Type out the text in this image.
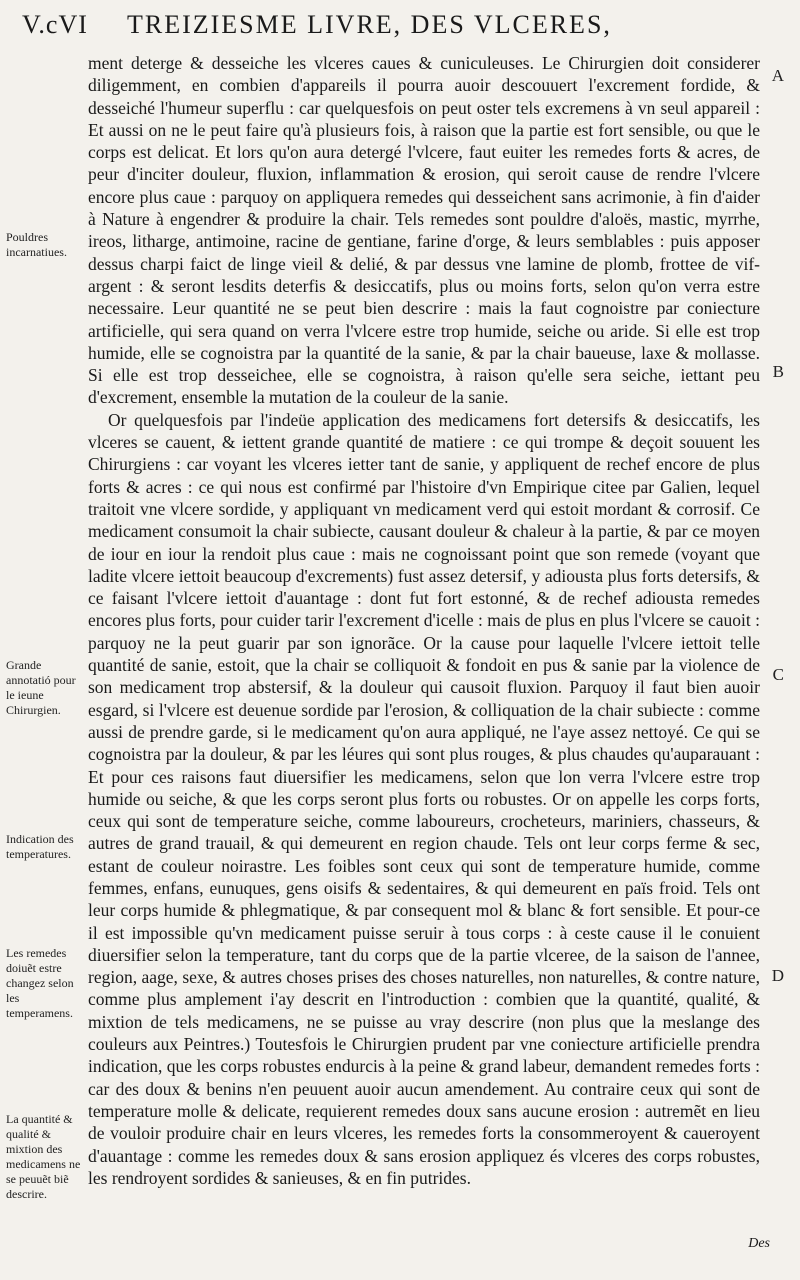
V.cVI TREIZIESME LIVRE, DES VLCERES,

ment deterge & desseiche les vlceres caues & cuniculeuses. Le Chirurgien doit considerer diligemment, en combien d'appareils il pourra auoir descouuert l'excrement fordide, & desseiché l'humeur superflu : car quelquesfois on peut oster tels excremens à vn seul appareil : Et aussi on ne le peut faire qu'à plusieurs fois, à raison que la partie est fort sensible, ou que le corps est delicat. Et lors qu'on aura detergé l'vlcere, faut euiter les remedes forts & acres, de peur d'inciter douleur, fluxion, inflammation & erosion, qui seroit cause de rendre l'vlcere encore plus caue : parquoy on appliquera remedes qui desseichent sans acrimonie, à fin d'aider à Nature à engendrer & produire la chair. Tels remedes sont pouldre d'aloës, mastic, myrrhe, ireos, litharge, antimoine, racine de gentiane, farine d'orge, & leurs semblables : puis apposer dessus charpi faict de linge vieil & delié, & par dessus vne lamine de plomb, frottee de vif-argent : & seront lesdits deterfis & desiccatifs, plus ou moins forts, selon qu'on verra estre necessaire. Leur quantité ne se peut bien descrire : mais la faut cognoistre par coniecture artificielle, qui sera quand on verra l'vlcere estre trop humide, seiche ou aride. Si elle est trop humide, elle se cognoistra par la quantité de la sanie, & par la chair baueuse, laxe & mollasse. Si elle est trop desseichee, elle se cognoistra, à raison qu'elle sera seiche, iettant peu d'excrement, ensemble la mutation de la couleur de la sanie.

Or quelquesfois par l'indeüe application des medicamens fort detersifs & desiccatifs, les vlceres se cauent, & iettent grande quantité de matiere : ce qui trompe & deçoit souuent les Chirurgiens : car voyant les vlceres ietter tant de sanie, y appliquent de rechef encore de plus forts & acres : ce qui nous est confirmé par l'histoire d'vn Empirique citee par Galien, lequel traitoit vne vlcere sordide, y appliquant vn medicament verd qui estoit mordant & corrosif. Ce medicament consumoit la chair subiecte, causant douleur & chaleur à la partie, & par ce moyen de iour en iour la rendoit plus caue : mais ne cognoissant point que son remede (voyant que ladite vlcere iettoit beaucoup d'excrements) fust assez detersif, y adiousta plus forts detersifs, & ce faisant l'vlcere iettoit d'auantage : dont fut fort estonné, & de rechef adiousta remedes encores plus forts, pour cuider tarir l'excrement d'icelle : mais de plus en plus l'vlcere se cauoit : parquoy ne la peut guarir par son ignorãce. Or la cause pour laquelle l'vlcere iettoit telle quantité de sanie, estoit, que la chair se colliquoit & fondoit en pus & sanie par la violence de son medicament trop abstersif, & la douleur qui causoit fluxion. Parquoy il faut bien auoir esgard, si l'vlcere est deuenue sordide par l'erosion, & colliquation de la chair subiecte : comme aussi de prendre garde, si le medicament qu'on aura appliqué, ne l'aye assez nettoyé. Ce qui se cognoistra par la douleur, & par les léures qui sont plus rouges, & plus chaudes qu'auparauant : Et pour ces raisons faut diuersifier les medicamens, selon que lon verra l'vlcere estre trop humide ou seiche, & que les corps seront plus forts ou robustes. Or on appelle les corps forts, ceux qui sont de temperature seiche, comme laboureurs, crocheteurs, mariniers, chasseurs, & autres de grand trauail, & qui demeurent en region chaude. Tels ont leur corps ferme & sec, estant de couleur noirastre. Les foibles sont ceux qui sont de temperature humide, comme femmes, enfans, eunuques, gens oisifs & sedentaires, & qui demeurent en païs froid. Tels ont leur corps humide & phlegmatique, & par consequent mol & blanc & fort sensible. Et pour-ce il est impossible qu'vn medicament puisse seruir à tous corps : à ceste cause il le conuient diuersifier selon la temperature, tant du corps que de la partie vlceree, de la saison de l'annee, region, aage, sexe, & autres choses prises des choses naturelles, non naturelles, & contre nature, comme plus amplement i'ay descrit en l'introduction : combien que la quantité, qualité, & mixtion de tels medicamens, ne se puisse au vray descrire (non plus que la meslange des couleurs aux Peintres.) Toutesfois le Chirurgien prudent par vne coniecture artificielle prendra indication, que les corps robustes endurcis à la peine & grand labeur, demandent remedes forts : car des doux & benins n'en peuuent auoir aucun amendement. Au contraire ceux qui sont de temperature molle & delicate, requierent remedes doux sans aucune erosion : autremẽt en lieu de vouloir produire chair en leurs vlceres, les remedes forts la consommeroyent & caueroyent d'auantage : comme les remedes doux & sans erosion appliquez és vlceres des corps robustes, les rendroyent sordides & sanieuses, & en fin putrides.

Pouldres incarnatiues.
Grande annotatió pour le ieune Chirurgien.
Indication des temperatures.
Les remedes doiuẽt estre changez selon les temperamens.
La quantité & qualité & mixtion des medicamens ne se peuuẽt biẽ descrire.
A
B
C
D
Des
